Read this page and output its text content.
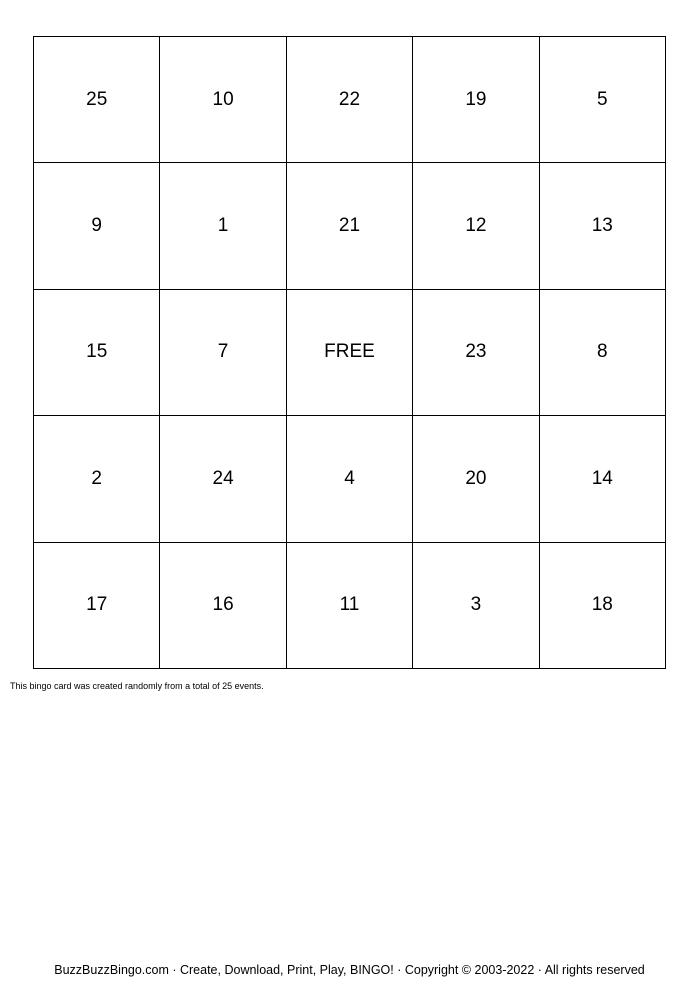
25	10	22	19	5
9	1	21	12	13
15	7	FREE	23	8
2	24	4	20	14
17	16	11	3	18
This bingo card was created randomly from a total of 25 events.
BuzzBuzzBingo.com · Create, Download, Print, Play, BINGO! · Copyright © 2003-2022 · All rights reserved
